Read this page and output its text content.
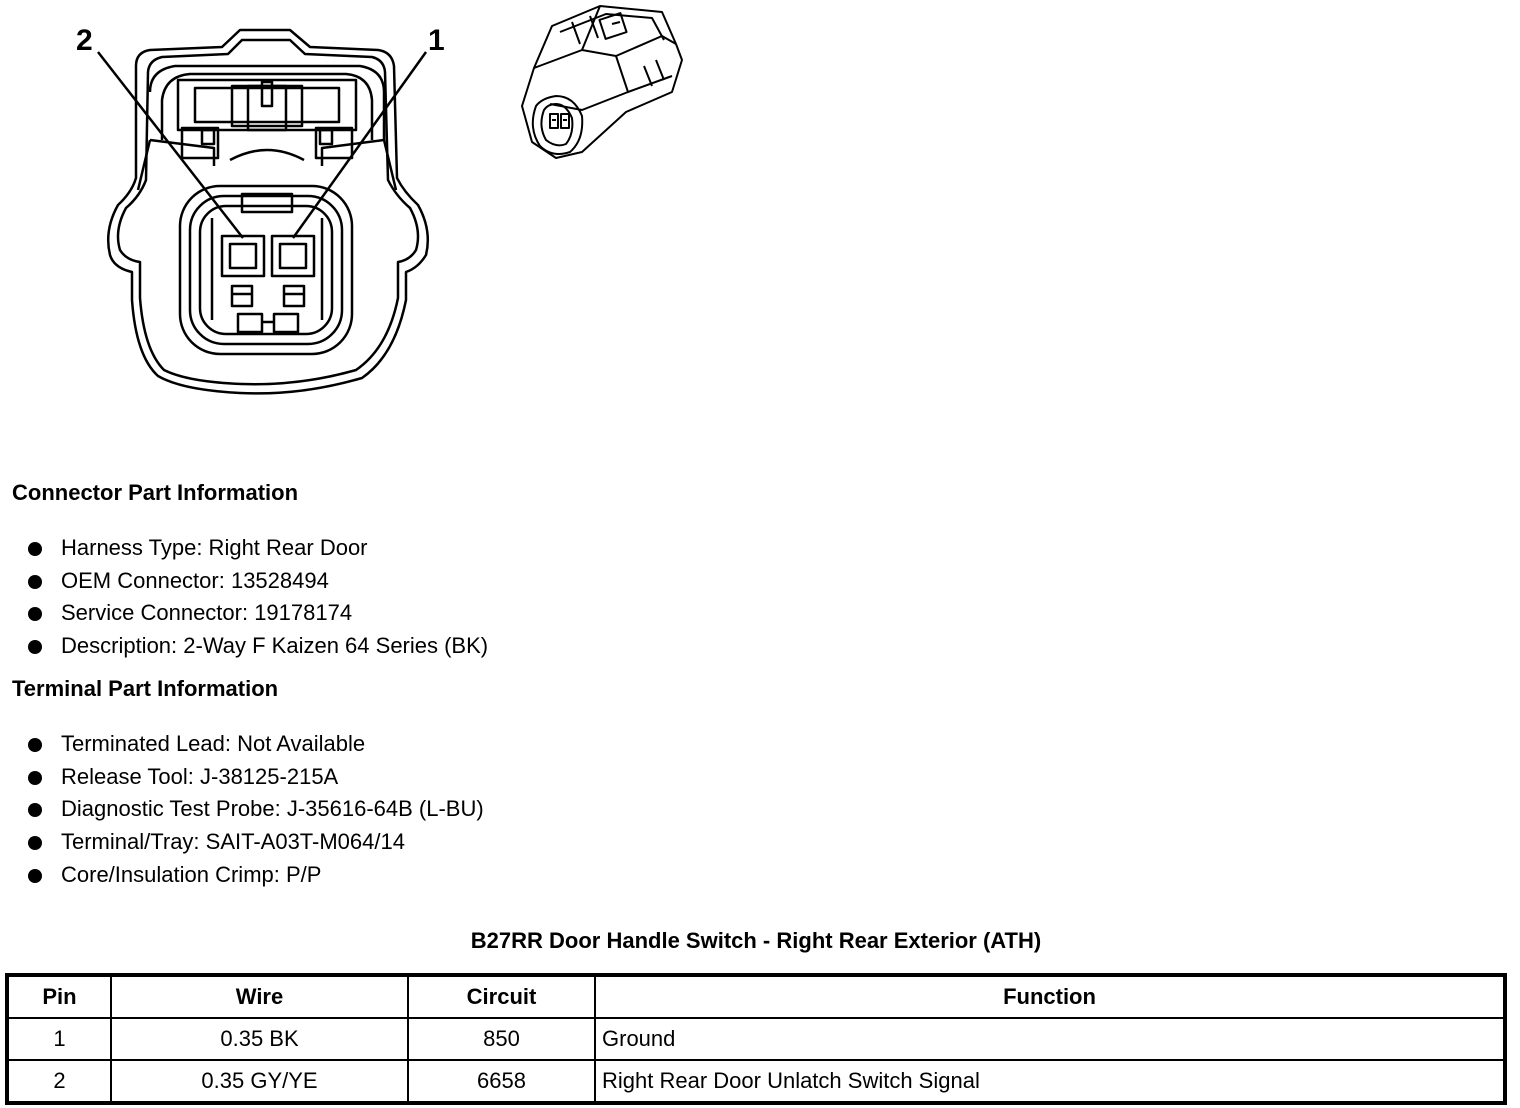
2	1
Connector Part Information
Harness Type: Right Rear Door
OEM Connector: 13528494
Service Connector: 19178174
Description: 2-Way F Kaizen 64 Series (BK)
Terminal Part Information
Terminated Lead: Not Available
Release Tool: J-38125-215A
Diagnostic Test Probe: J-35616-64B (L-BU)
Terminal/Tray: SAIT-A03T-M064/14
Core/Insulation Crimp: P/P
B27RR Door Handle Switch - Right Rear Exterior (ATH)
Pin	Wire	Circuit	Function
1	0.35 BK	850	Ground
2	0.35 GY/YE	6658	Right Rear Door Unlatch Switch Signal
